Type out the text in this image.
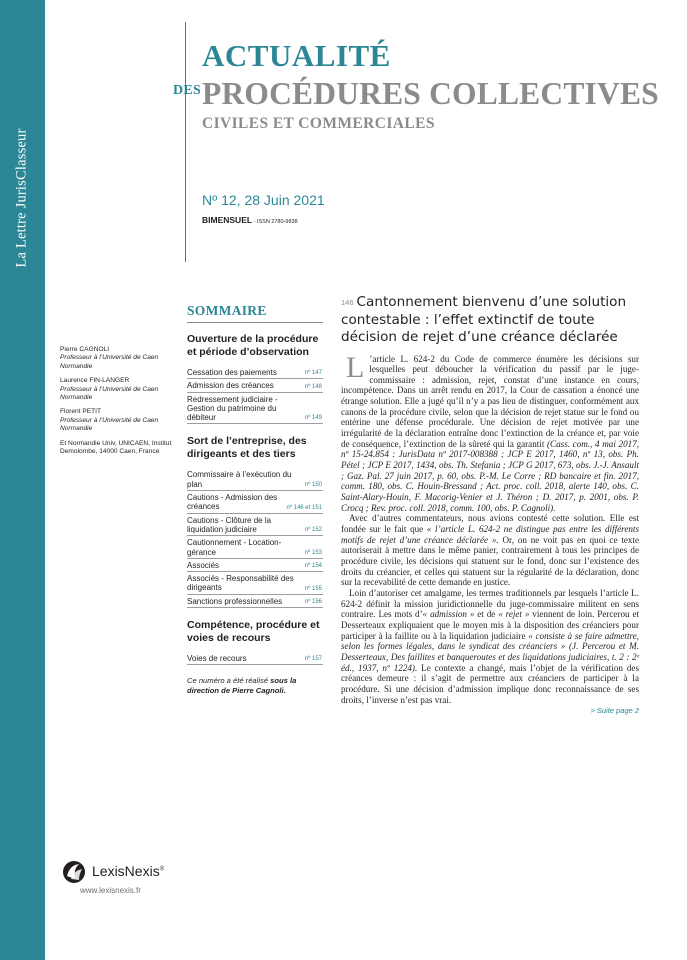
La Lettre JurisClasseur
ACTUALITÉ
DES PROCÉDURES COLLECTIVES
CIVILES ET COMMERCIALES
Nº 12, 28 Juin 2021
BIMENSUEL - ISSN 2780-9838
Pierre CAGNOLI
Professeur à l’Université de Caen Normandie
Laurence FIN-LANGER
Professeur à l’Université de Caen Normandie
Florent PETIT
Professeur à l’Université de Caen Normandie
Et Normandie Univ, UNICAEN, Institut Demolombe, 14000 Caen, France
SOMMAIRE
Ouverture de la procédure et période d’observation
Cessation des paiements	nº 147
Admission des créances	nº 148
Redressement judiciaire - Gestion du patrimoine du débiteur	nº 149
Sort de l’entreprise, des dirigeants et des tiers
Commissaire à l’exécution du plan	nº 150
Cautions - Admission des créances	nº 146 et 151
Cautions - Clôture de la liquidation judiciaire	nº 152
Cautionnement - Location-gérance	nº 153
Associés	nº 154
Associés - Responsabilité des dirigeants	nº 155
Sanctions professionnelles	nº 156
Compétence, procédure et voies de recours
Voies de recours	nº 157
Ce numéro a été réalisé sous la direction de Pierre Cagnoli.
146 Cantonnement bienvenu d’une solution contestable : l’effet extinctif de toute décision de rejet d’une créance déclarée

L ’article L. 624-2 du Code de commerce énumère les décisions sur lesquelles peut déboucher la vérification du passif par le juge-commissaire : admission, rejet, constat d’une instance en cours, incompétence. Dans un arrêt rendu en 2017, la Cour de cassation a énoncé une étrange solution. Elle a jugé qu’il n’y a pas lieu de distinguer, conformément aux canons de la procédure civile, selon que la décision de rejet statue sur le fond ou entérine une défense procédurale. Une décision de rejet motivée par une irrégularité de la déclaration entraîne donc l’extinction de la créance et, par voie de conséquence, l’extinction de la sûreté qui la garantit (Cass. com., 4 mai 2017, nº 15-24.854 : JurisData nº 2017-008388 ; JCP E 2017, 1460, nº 13, obs. Ph. Pétel ; JCP E 2017, 1434, obs. Th. Stefania ; JCP G 2017, 673, obs. J.-J. Ansault ; Gaz. Pal. 27 juin 2017, p. 60, obs. P.-M. Le Corre ; RD bancaire et fin. 2017, comm. 180, obs. C. Houin-Bressand ; Act. proc. coll. 2018, alerte 140, obs. C. Saint-Alary-Houin, F. Macorig-Venier et J. Théron ; D. 2017, p. 2001, obs. P. Crocq ; Rev. proc. coll. 2018, comm. 100, obs. P. Cagnoli).

Avec d’autres commentateurs, nous avions contesté cette solution. Elle est fondée sur le fait que « l’article L. 624-2 ne distingue pas entre les différents motifs de rejet d’une créance déclarée ». Or, on ne voit pas en quoi ce texte autoriserait à mettre dans le même panier, contrairement à tous les principes de procédure civile, les décisions qui statuent sur le fond, donc sur l’existence des droits du créancier, et celles qui statuent sur la régularité de la déclaration, donc sur la recevabilité de cette demande en justice.

Loin d’autoriser cet amalgame, les termes traditionnels par lesquels l’article L. 624-2 définit la mission juridictionnelle du juge-commissaire militent en sens contraire. Les mots d’« admission » et de « rejet » viennent de loin. Percerou et Desserteaux expliquaient que le moyen mis à la disposition des créanciers pour participer à la faillite ou à la liquidation judiciaire « consiste à se faire admettre, selon les formes légales, dans le syndicat des créanciers » (J. Percerou et M. Desserteaux, Des faillites et banqueroutes et des liquidations judiciaires, t. 2 : 2ᵉ éd., 1937, nº 1224). Le contexte a changé, mais l’objet de la vérification des créances demeure : il s’agit de permettre aux créanciers de participer à la procédure. Si une décision d’admission implique donc reconnaissance de ses droits, l’inverse n’est pas vrai.

> Suite page 2
LexisNexis®
www.lexisnexis.fr
